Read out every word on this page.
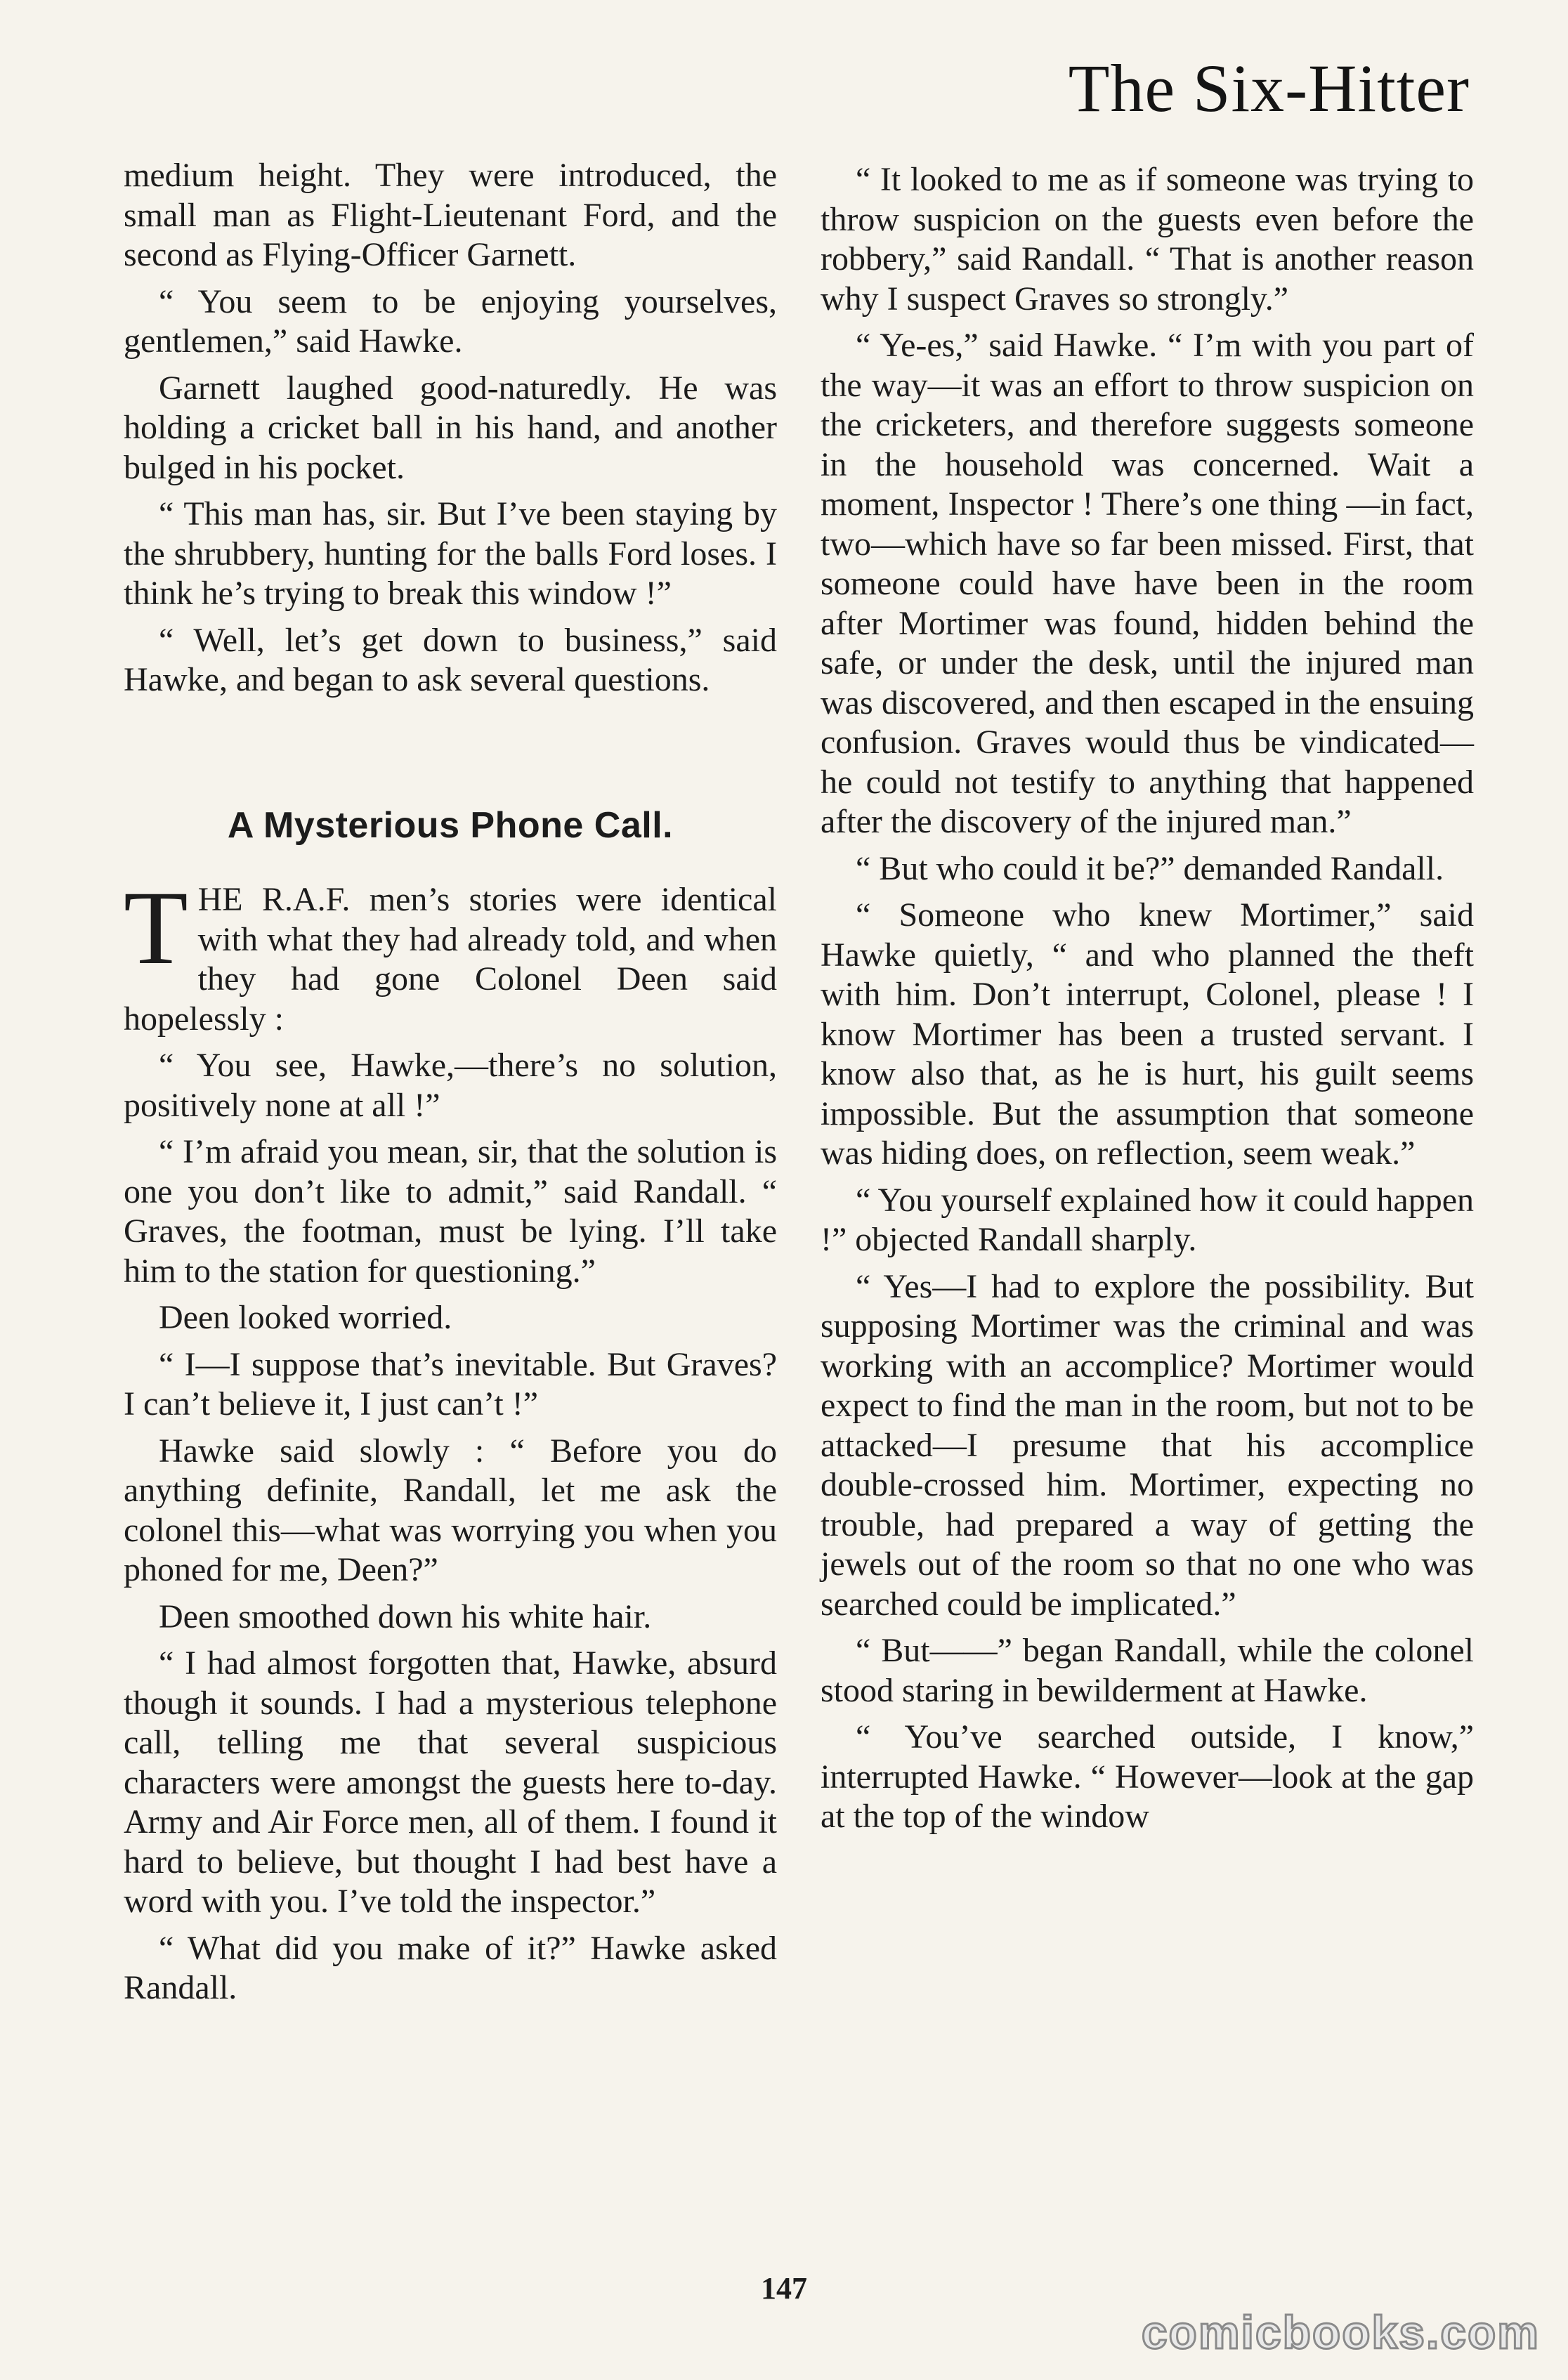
The Six-Hitter

medium height. They were introduced, the small man as Flight-Lieutenant Ford, and the second as Flying-Officer Garnett.

“ You seem to be enjoying yourselves, gentlemen,” said Hawke.

Garnett laughed good-naturedly. He was holding a cricket ball in his hand, and another bulged in his pocket.

“ This man has, sir. But I’ve been staying by the shrubbery, hunting for the balls Ford loses. I think he’s trying to break this window !”

“ Well, let’s get down to business,” said Hawke, and began to ask several questions.

A Mysterious Phone Call.

THE R.A.F. men’s stories were identical with what they had already told, and when they had gone Colonel Deen said hopelessly :

“ You see, Hawke,—there’s no solution, positively none at all !”

“ I’m afraid you mean, sir, that the solution is one you don’t like to admit,” said Randall. “ Graves, the footman, must be lying. I’ll take him to the station for questioning.”

Deen looked worried.

“ I—I suppose that’s inevitable. But Graves? I can’t believe it, I just can’t !”

Hawke said slowly : “ Before you do anything definite, Randall, let me ask the colonel this—what was worrying you when you phoned for me, Deen?”

Deen smoothed down his white hair.

“ I had almost forgotten that, Hawke, absurd though it sounds. I had a mysterious telephone call, telling me that several suspicious characters were amongst the guests here to-day. Army and Air Force men, all of them. I found it hard to believe, but thought I had best have a word with you. I’ve told the inspector.”

“ What did you make of it?” Hawke asked Randall.

“ It looked to me as if someone was trying to throw suspicion on the guests even before the robbery,” said Randall. “ That is another reason why I suspect Graves so strongly.”

“ Ye-es,” said Hawke. “ I’m with you part of the way—it was an effort to throw suspicion on the cricketers, and therefore suggests someone in the household was concerned. Wait a moment, Inspector ! There’s one thing —in fact, two—which have so far been missed. First, that someone could have have been in the room after Mortimer was found, hidden behind the safe, or under the desk, until the injured man was discovered, and then escaped in the ensuing confusion. Graves would thus be vindicated—he could not testify to anything that happened after the discovery of the injured man.”

“ But who could it be?” demanded Randall.

“ Someone who knew Mortimer,” said Hawke quietly, “ and who planned the theft with him. Don’t interrupt, Colonel, please ! I know Mortimer has been a trusted servant. I know also that, as he is hurt, his guilt seems impossible. But the assumption that someone was hiding does, on reflection, seem weak.”

“ You yourself explained how it could happen !” objected Randall sharply.

“ Yes—I had to explore the possibility. But supposing Mortimer was the criminal and was working with an accomplice? Mortimer would expect to find the man in the room, but not to be attacked—I presume that his accomplice double-crossed him. Mortimer, expecting no trouble, had prepared a way of getting the jewels out of the room so that no one who was searched could be implicated.”

“ But——” began Randall, while the colonel stood staring in bewilderment at Hawke.

“ You’ve searched outside, I know,” interrupted Hawke. “ However—look at the gap at the top of the window

147
comicbooks.com
